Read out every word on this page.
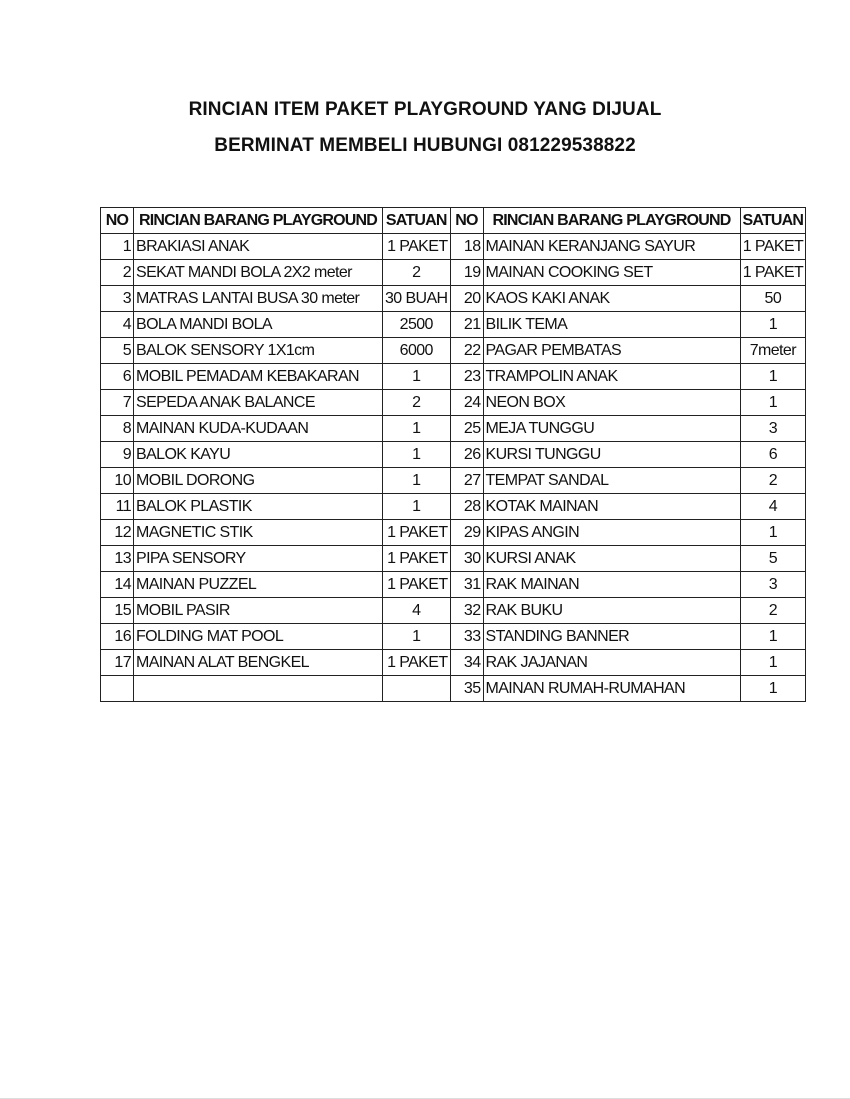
RINCIAN ITEM PAKET PLAYGROUND YANG DIJUAL

BERMINAT MEMBELI HUBUNGI 081229538822

NO	RINCIAN BARANG PLAYGROUND	SATUAN	NO	RINCIAN BARANG PLAYGROUND	SATUAN
1	BRAKIASI ANAK	1 PAKET	18	MAINAN KERANJANG SAYUR	1 PAKET
2	SEKAT MANDI BOLA 2X2 meter	2	19	MAINAN COOKING SET	1 PAKET
3	MATRAS LANTAI BUSA 30 meter	30 BUAH	20	KAOS KAKI ANAK	50
4	BOLA MANDI BOLA	2500	21	BILIK TEMA	1
5	BALOK SENSORY 1X1cm	6000	22	PAGAR PEMBATAS	7meter
6	MOBIL PEMADAM KEBAKARAN	1	23	TRAMPOLIN ANAK	1
7	SEPEDA ANAK BALANCE	2	24	NEON BOX	1
8	MAINAN KUDA-KUDAAN	1	25	MEJA TUNGGU	3
9	BALOK KAYU	1	26	KURSI TUNGGU	6
10	MOBIL DORONG	1	27	TEMPAT SANDAL	2
11	BALOK PLASTIK	1	28	KOTAK MAINAN	4
12	MAGNETIC STIK	1 PAKET	29	KIPAS ANGIN	1
13	PIPA SENSORY	1 PAKET	30	KURSI ANAK	5
14	MAINAN PUZZEL	1 PAKET	31	RAK MAINAN	3
15	MOBIL PASIR	4	32	RAK BUKU	2
16	FOLDING MAT POOL	1	33	STANDING BANNER	1
17	MAINAN ALAT BENGKEL	1 PAKET	34	RAK JAJANAN	1
			35	MAINAN RUMAH-RUMAHAN	1
